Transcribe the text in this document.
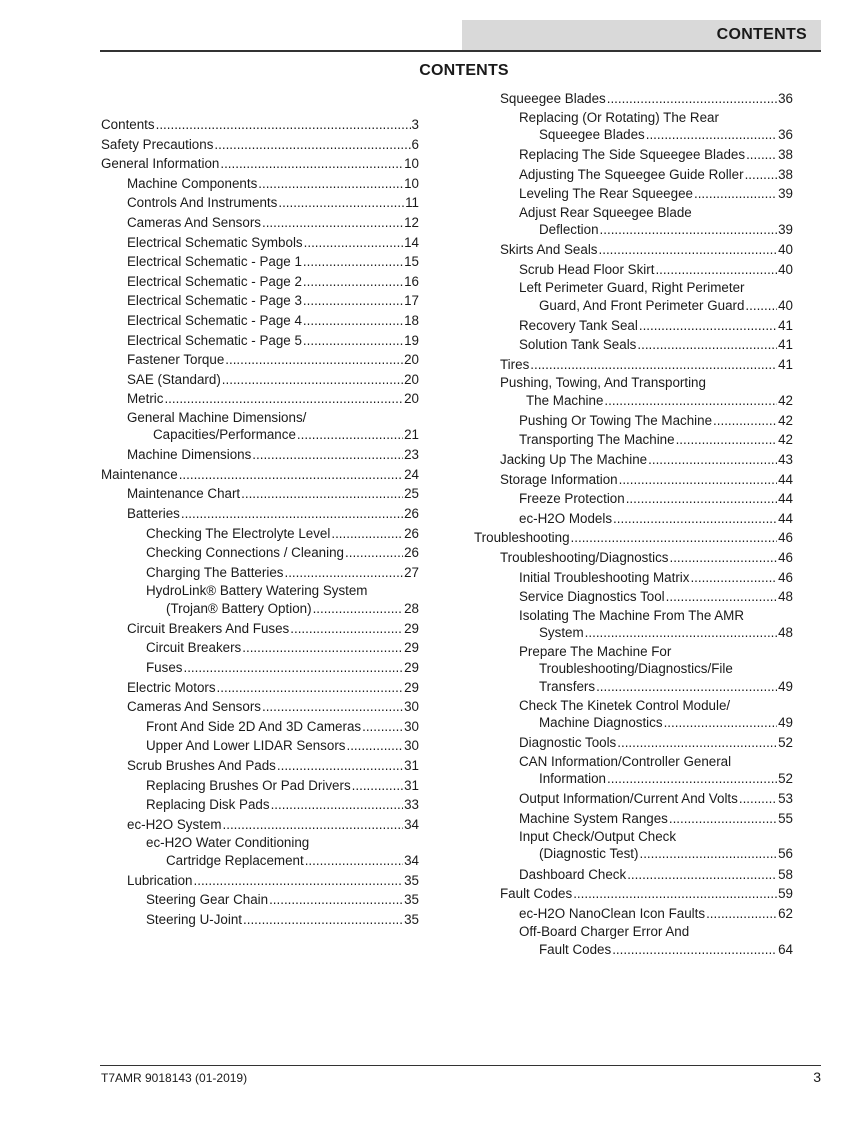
CONTENTS
CONTENTS
Contents .....	3
Safety Precautions .....	6
General Information .....	10
Machine Components .....	10
Controls And Instruments .....	11
Cameras And Sensors .....	12
Electrical Schematic Symbols .....	14
Electrical Schematic - Page 1 .....	15
Electrical Schematic - Page 2 .....	16
Electrical Schematic - Page 3 .....	17
Electrical Schematic - Page 4 .....	18
Electrical Schematic - Page 5 .....	19
Fastener Torque .....	20
SAE (Standard) .....	20
Metric .....	20
General Machine Dimensions/
Capacities/Performance .....	21
Machine Dimensions .....	23
Maintenance .....	24
Maintenance Chart .....	25
Batteries .....	26
Checking The Electrolyte Level .....	26
Checking Connections / Cleaning .....	26
Charging The Batteries .....	27
HydroLink® Battery Watering System
(Trojan® Battery Option) .....	28
Circuit Breakers And Fuses .....	29
Circuit Breakers .....	29
Fuses .....	29
Electric Motors .....	29
Cameras And Sensors .....	30
Front And Side 2D And 3D Cameras .....	30
Upper And Lower LIDAR Sensors .....	30
Scrub Brushes And Pads .....	31
Replacing Brushes Or Pad Drivers .....	31
Replacing Disk Pads .....	33
ec-H2O System .....	34
ec-H2O Water Conditioning
Cartridge Replacement .....	34
Lubrication .....	35
Steering Gear Chain .....	35
Steering U-Joint .....	35
Squeegee Blades .....	36
Replacing (Or Rotating) The Rear
Squeegee Blades .....	36
Replacing The Side Squeegee Blades ..... 38
Adjusting The Squeegee Guide Roller .....	38
Leveling The Rear Squeegee .....	39
Adjust Rear Squeegee Blade
Deflection .....	39
Skirts And Seals .....	40
Scrub Head Floor Skirt .....	40
Left Perimeter Guard, Right Perimeter
Guard, And Front Perimeter Guard .....	40
Recovery Tank Seal .....	41
Solution Tank Seals .....	41
Tires .....	41
Pushing, Towing, And Transporting
The Machine .....	42
Pushing Or Towing The Machine .....	42
Transporting The Machine .....	42
Jacking Up The Machine .....	43
Storage Information .....	44
Freeze Protection .....	44
ec-H2O Models .....	44
Troubleshooting .....	46
Troubleshooting/Diagnostics .....	46
Initial Troubleshooting Matrix .....	46
Service Diagnostics Tool .....	48
Isolating The Machine From The AMR
System .....	48
Prepare The Machine For
Troubleshooting/Diagnostics/File
Transfers .....	49
Check The Kinetek Control Module/
Machine Diagnostics .....	49
Diagnostic Tools .....	52
CAN Information/Controller General
Information .....	52
Output Information/Current And Volts .....	53
Machine System Ranges .....	55
Input Check/Output Check
(Diagnostic Test) .....	56
Dashboard Check .....	58
Fault Codes .....	59
ec-H2O NanoClean Icon Faults .....	62
Off-Board Charger Error And
Fault Codes .....	64
T7AMR 9018143 (01-2019)	3
